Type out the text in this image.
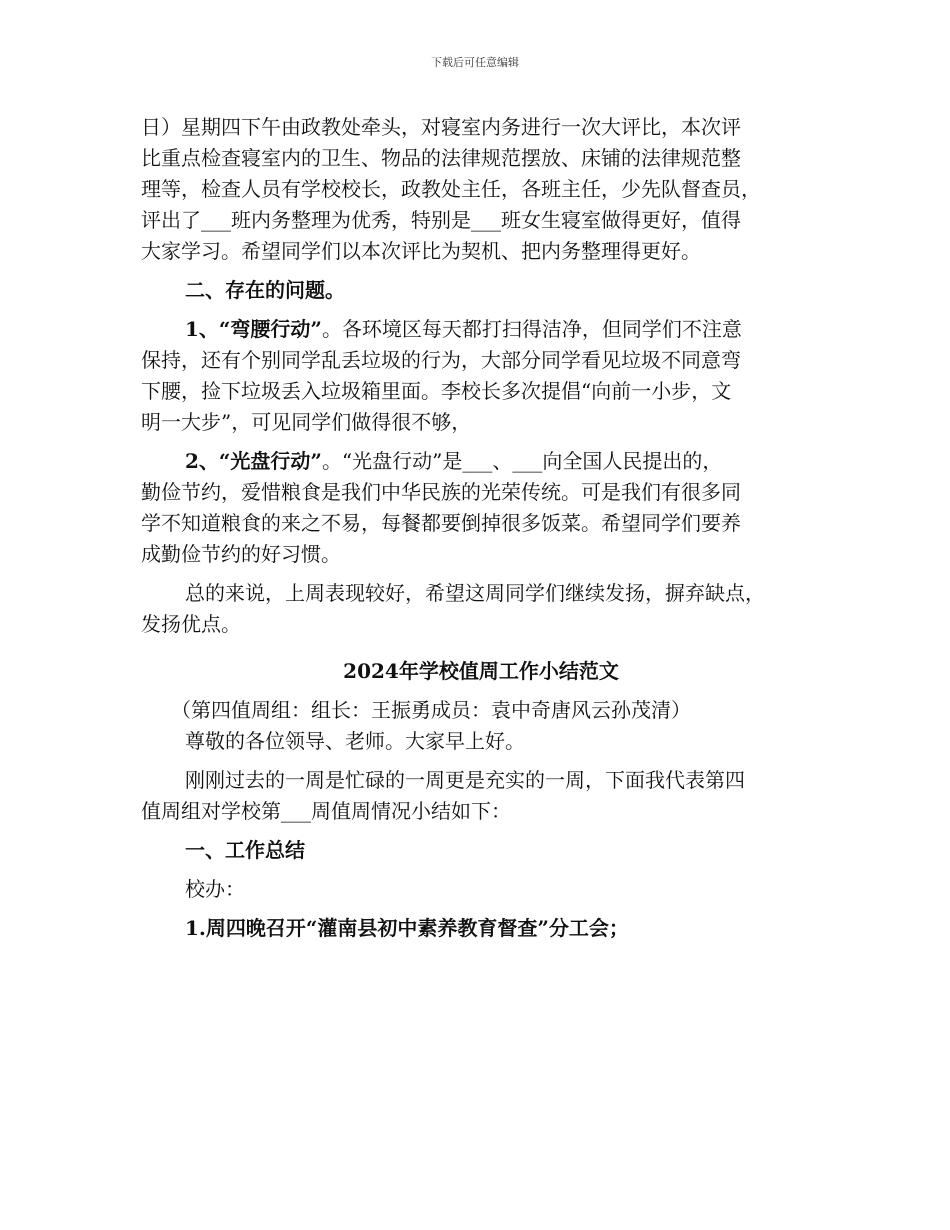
下载后可任意编辑
日）星期四下午由政教处牵头，对寝室内务进行一次大评比，本次评
比重点检查寝室内的卫生、物品的法律规范摆放、床铺的法律规范整
理等，检查人员有学校校长，政教处主任，各班主任，少先队督查员，
评出了___班内务整理为优秀，特别是___班女生寝室做得更好，值得
大家学习。希望同学们以本次评比为契机、把内务整理得更好。
二、存在的问题。
1、“弯腰行动”。各环境区每天都打扫得洁净，但同学们不注意
保持，还有个别同学乱丢垃圾的行为，大部分同学看见垃圾不同意弯
下腰，捡下垃圾丢入垃圾箱里面。李校长多次提倡“向前一小步，文
明一大步”，可见同学们做得很不够，
2、“光盘行动”。“光盘行动”是___、___向全国人民提出的，
勤俭节约，爱惜粮食是我们中华民族的光荣传统。可是我们有很多同
学不知道粮食的来之不易，每餐都要倒掉很多饭菜。希望同学们要养
成勤俭节约的好习惯。
总的来说，上周表现较好，希望这周同学们继续发扬，摒弃缺点，
发扬优点。
2024年学校值周工作小结范文
（第四值周组：组长：王振勇成员：袁中奇唐风云孙茂清）
尊敬的各位领导、老师。大家早上好。
刚刚过去的一周是忙碌的一周更是充实的一周，下面我代表第四
值周组对学校第___周值周情况小结如下：
一、工作总结
校办：
1.周四晚召开“灌南县初中素养教育督查”分工会；
